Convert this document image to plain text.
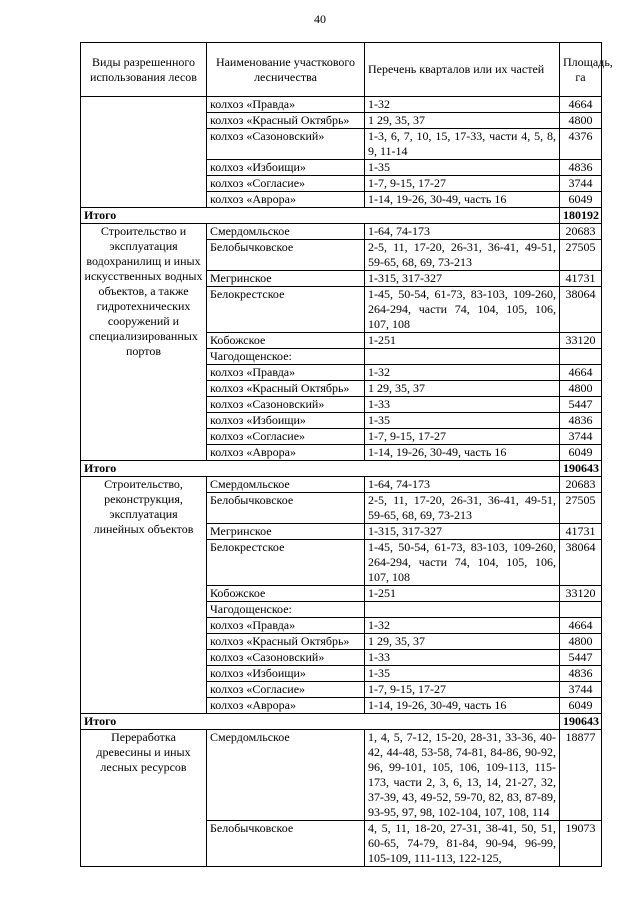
40
Виды разрешенного использования лесов	Наименование участкового лесничества	Перечень кварталов или их частей	Площадь, га
	колхоз «Правда»	1-32	4664
	колхоз «Красный Октябрь»	1 29, 35, 37	4800
	колхоз «Сазоновский»	1-3, 6, 7, 10, 15, 17-33, части 4, 5, 8, 9, 11-14	4376
	колхоз «Избоищи»	1-35	4836
	колхоз «Согласие»	1-7, 9-15, 17-27	3744
	колхоз «Аврора»	1-14, 19-26, 30-49, часть 16	6049
Итого			180192
Строительство и эксплуатация водохранилищ и иных искусственных водных объектов, а также гидротехнических сооружений и специализированных портов	Смердомльское	1-64, 74-173	20683
	Белобычковское	2-5, 11, 17-20, 26-31, 36-41, 49-51, 59-65, 68, 69, 73-213	27505
	Мегринское	1-315, 317-327	41731
	Белокрестское	1-45, 50-54, 61-73, 83-103, 109-260, 264-294, части 74, 104, 105, 106, 107, 108	38064
	Кобожское	1-251	33120
	Чагодощенское:		
	колхоз «Правда»	1-32	4664
	колхоз «Красный Октябрь»	1 29, 35, 37	4800
	колхоз «Сазоновский»	1-33	5447
	колхоз «Избоищи»	1-35	4836
	колхоз «Согласие»	1-7, 9-15, 17-27	3744
	колхоз «Аврора»	1-14, 19-26, 30-49, часть 16	6049
Итого			190643
Строительство, реконструкция, эксплуатация линейных объектов	Смердомльское	1-64, 74-173	20683
	Белобычковское	2-5, 11, 17-20, 26-31, 36-41, 49-51, 59-65, 68, 69, 73-213	27505
	Мегринское	1-315, 317-327	41731
	Белокрестское	1-45, 50-54, 61-73, 83-103, 109-260, 264-294, части 74, 104, 105, 106, 107, 108	38064
	Кобожское	1-251	33120
	Чагодощенское:		
	колхоз «Правда»	1-32	4664
	колхоз «Красный Октябрь»	1 29, 35, 37	4800
	колхоз «Сазоновский»	1-33	5447
	колхоз «Избоищи»	1-35	4836
	колхоз «Согласие»	1-7, 9-15, 17-27	3744
	колхоз «Аврора»	1-14, 19-26, 30-49, часть 16	6049
Итого			190643
Переработка древесины и иных лесных ресурсов	Смердомльское	1, 4, 5, 7-12, 15-20, 28-31, 33-36, 40-42, 44-48, 53-58, 74-81, 84-86, 90-92, 96, 99-101, 105, 106, 109-113, 115-173, части 2, 3, 6, 13, 14, 21-27, 32, 37-39, 43, 49-52, 59-70, 82, 83, 87-89, 93-95, 97, 98, 102-104, 107, 108, 114	18877
	Белобычковское	4, 5, 11, 18-20, 27-31, 38-41, 50, 51, 60-65, 74-79, 81-84, 90-94, 96-99, 105-109, 111-113, 122-125,	19073
